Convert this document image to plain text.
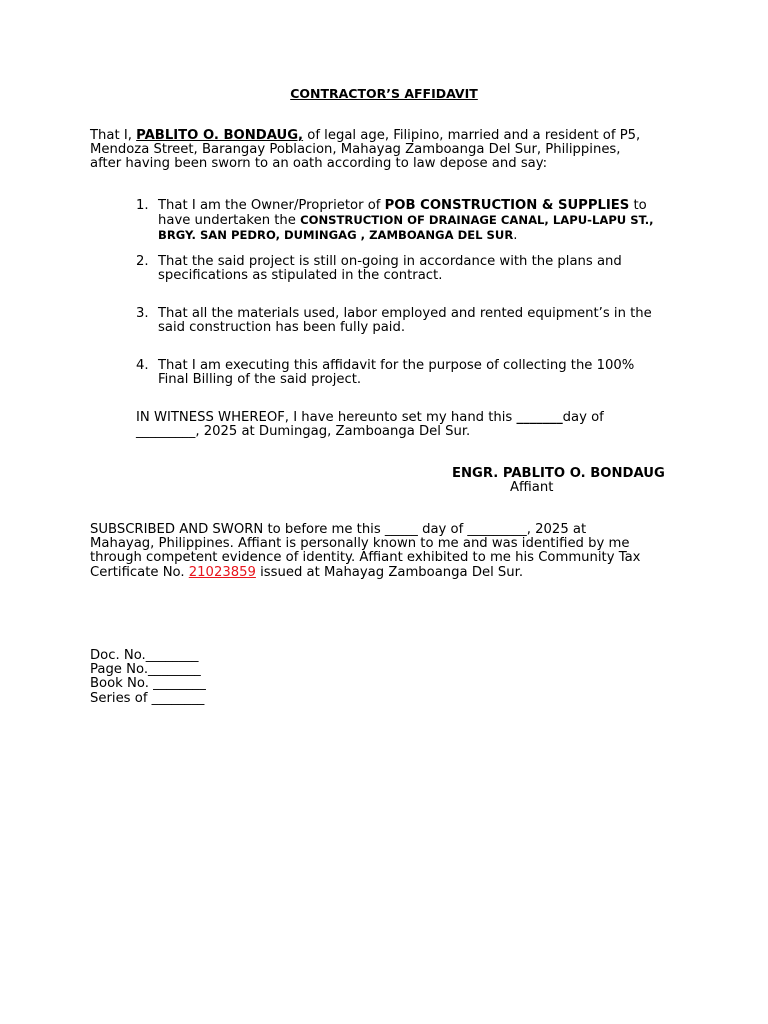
CONTRACTOR’S AFFIDAVIT
That I, PABLITO O. BONDAUG, of legal age, Filipino, married and a resident of P5,
Mendoza Street, Barangay Poblacion, Mahayag Zamboanga Del Sur, Philippines,
after having been sworn to an oath according to law depose and say:
1. That I am the Owner/Proprietor of POB CONSTRUCTION & SUPPLIES to
have undertaken the CONSTRUCTION OF DRAINAGE CANAL, LAPU-LAPU ST.,
BRGY. SAN PEDRO, DUMINGAG , ZAMBOANGA DEL SUR.
2. That the said project is still on-going in accordance with the plans and
specifications as stipulated in the contract.
3. That all the materials used, labor employed and rented equipment’s in the
said construction has been fully paid.
4. That I am executing this affidavit for the purpose of collecting the 100%
Final Billing of the said project.
IN WITNESS WHEREOF, I have hereunto set my hand this _______day of
_________, 2025 at Dumingag, Zamboanga Del Sur.
ENGR. PABLITO O. BONDAUG
Affiant
SUBSCRIBED AND SWORN to before me this _____ day of _________, 2025 at
Mahayag, Philippines. Affiant is personally known to me and was identified by me
through competent evidence of identity. Affiant exhibited to me his Community Tax
Certificate No. 21023859 issued at Mahayag Zamboanga Del Sur.
Doc. No.________
Page No.________
Book No. ________
Series of ________
